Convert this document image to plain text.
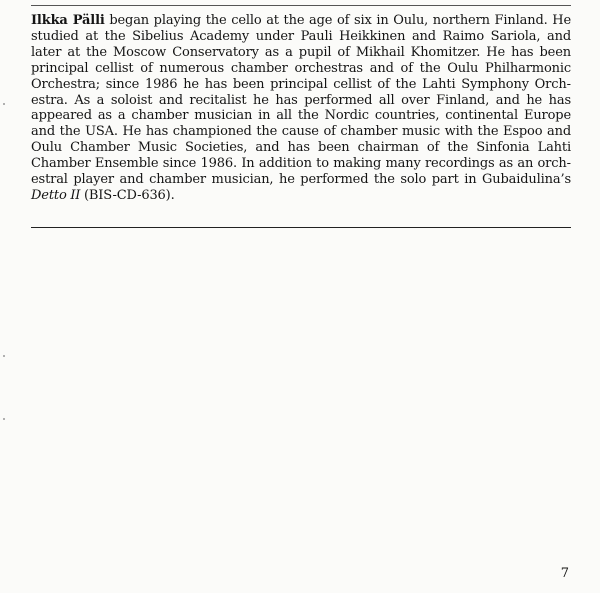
Ilkka Pälli began playing the cello at the age of six in Oulu, northern Finland. He studied at the Sibelius Academy under Pauli Heikkinen and Raimo Sariola, and later at the Moscow Conservatory as a pupil of Mikhail Khomitzer. He has been principal cellist of numerous chamber orchestras and of the Oulu Philharmonic Orchestra; since 1986 he has been principal cellist of the Lahti Symphony Orchestra. As a soloist and recitalist he has performed all over Finland, and he has appeared as a chamber musician in all the Nordic countries, continental Europe and the USA. He has championed the cause of chamber music with the Espoo and Oulu Chamber Music Societies, and has been chairman of the Sinfonia Lahti Chamber Ensemble since 1986. In addition to making many recordings as an orchestral player and chamber musician, he performed the solo part in Gubaidulina’s Detto II (BIS-CD-636).

7
